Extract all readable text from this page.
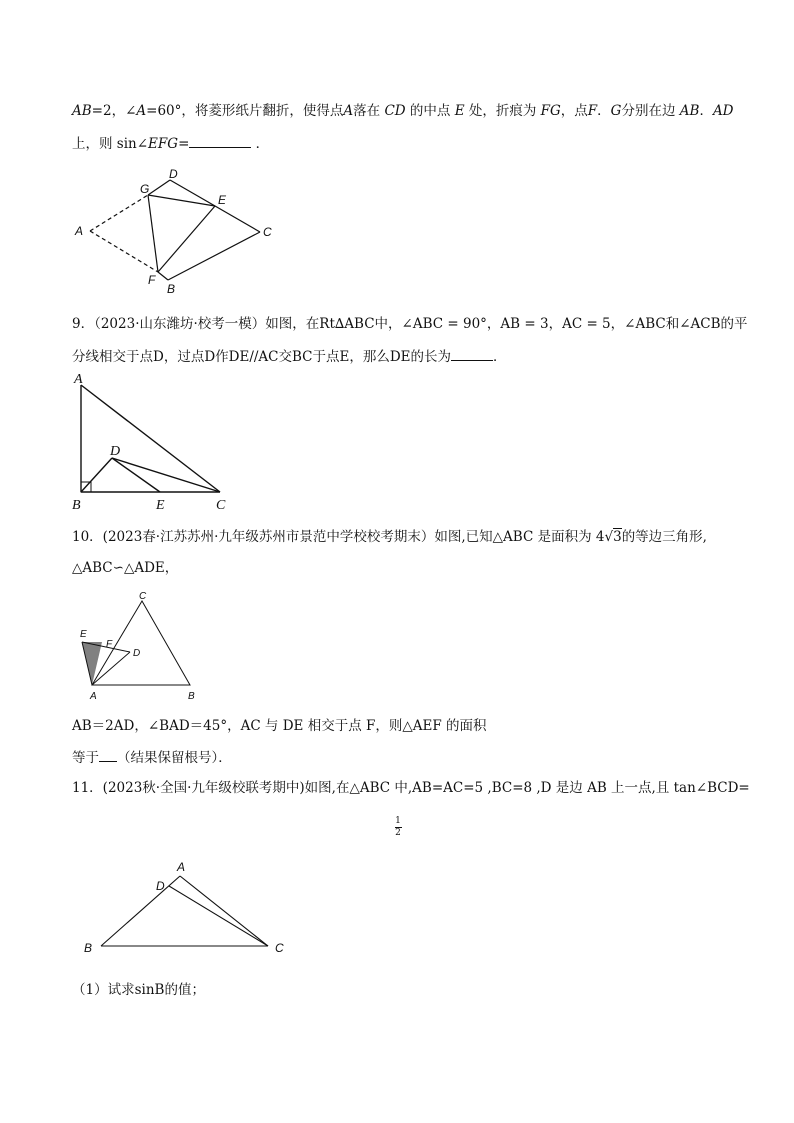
AB=2，∠A=60°，将菱形纸片翻折，使得点A落在 CD 的中点 E 处，折痕为 FG，点F．G分别在边 AB．AD
上，则 sin∠EFG=	．
A
G
D
E
C
F
B
9．（2023·山东潍坊·校考一模）如图，在Rt∆ABC中，∠ABC = 90°，AB = 3，AC = 5，∠ABC和∠ACB的平
分线相交于点D，过点D作DE//AC交BC于点E，那么DE的长为	．
A
D
B	E	C
10．(2023春·江苏苏州·九年级苏州市景范中学校校考期末）如图,已知△ABC 是面积为 4√3的等边三角形,
△ABC∽△ADE，
C
E
F
D
A	B
AB＝2AD，∠BAD＝45°，AC 与 DE 相交于点 F，则△AEF 的面积
等于 （结果保留根号）．
11．(2023秋·全国·九年级校联考期中)如图,在△ABC 中,AB=AC=5 ,BC=8 ,D 是边 AB 上一点,且 tan∠BCD=
1
2
A
D
B	C
（1）试求sinB的值；
